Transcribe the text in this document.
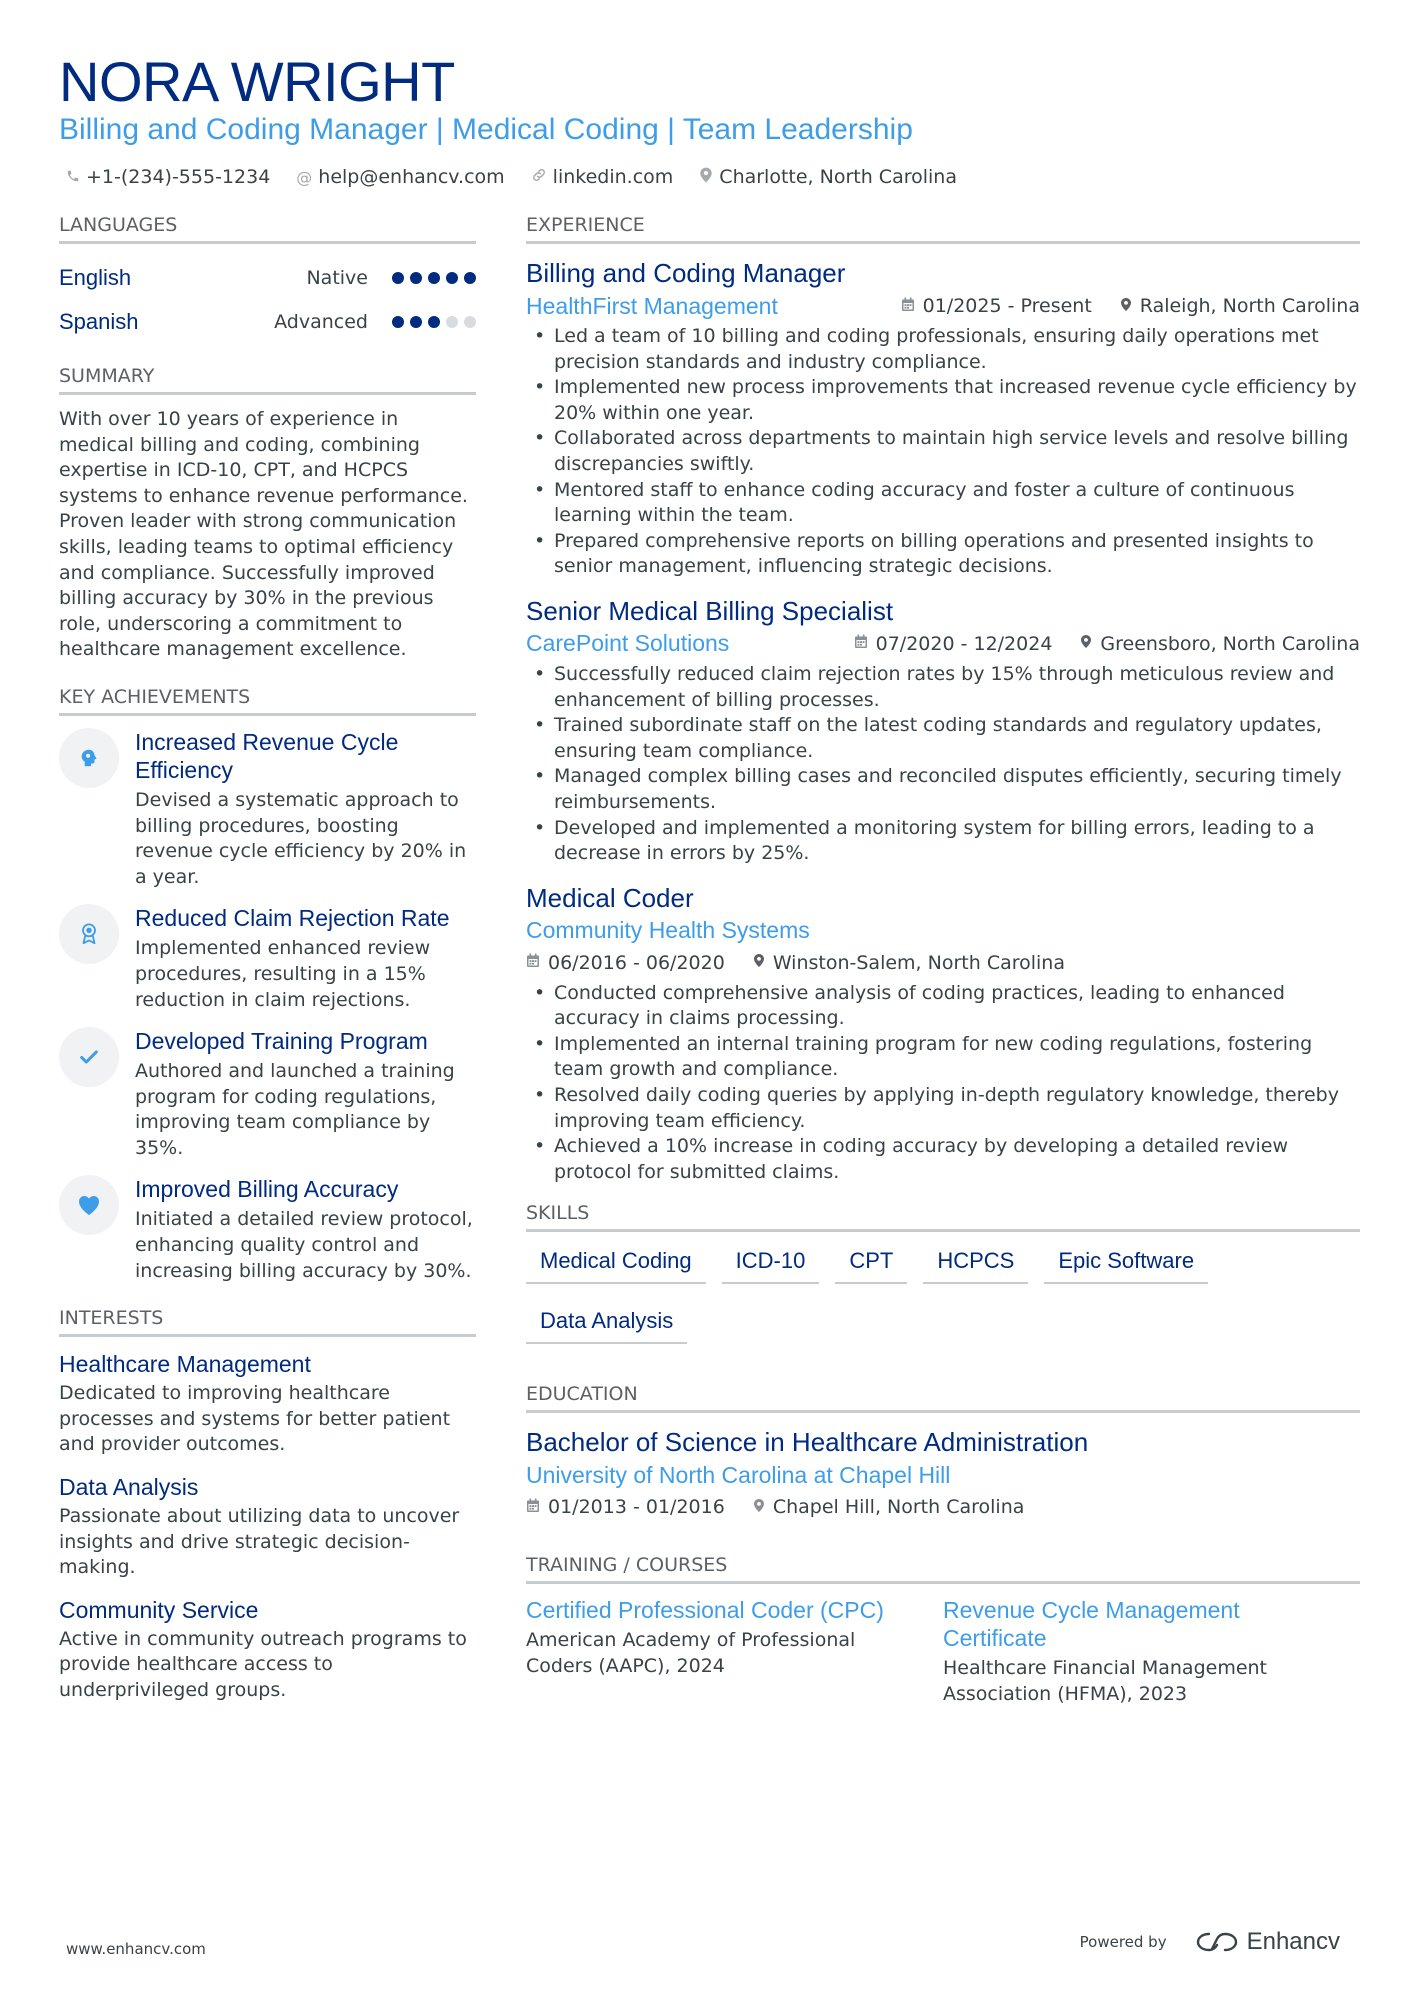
NORA WRIGHT
Billing and Coding Manager | Medical Coding | Team Leadership
+1-(234)-555-1234 @ help@enhancv.com	linkedin.com Charlotte, North Carolina
LANGUAGES
English	Native
Spanish	Advanced
SUMMARY
With over 10 years of experience in medical billing and coding, combining expertise in ICD-10, CPT, and HCPCS systems to enhance revenue performance. Proven leader with strong communication skills, leading teams to optimal efficiency and compliance. Successfully improved billing accuracy by 30% in the previous role, underscoring a commitment to healthcare management excellence.
KEY ACHIEVEMENTS
Increased Revenue Cycle Efficiency
Devised a systematic approach to billing procedures, boosting revenue cycle efficiency by 20% in a year.
Reduced Claim Rejection Rate
Implemented enhanced review procedures, resulting in a 15% reduction in claim rejections.
Developed Training Program
Authored and launched a training program for coding regulations, improving team compliance by 35%.
Improved Billing Accuracy
Initiated a detailed review protocol, enhancing quality control and increasing billing accuracy by 30%.
INTERESTS
Healthcare Management
Dedicated to improving healthcare processes and systems for better patient and provider outcomes.
Data Analysis
Passionate about utilizing data to uncover insights and drive strategic decision-making.
Community Service
Active in community outreach programs to provide healthcare access to underprivileged groups.
EXPERIENCE
Billing and Coding Manager
HealthFirst Management	01/2025 - Present	Raleigh, North Carolina
• Led a team of 10 billing and coding professionals, ensuring daily operations met precision standards and industry compliance.
• Implemented new process improvements that increased revenue cycle efficiency by 20% within one year.
• Collaborated across departments to maintain high service levels and resolve billing discrepancies swiftly.
• Mentored staff to enhance coding accuracy and foster a culture of continuous learning within the team.
• Prepared comprehensive reports on billing operations and presented insights to senior management, influencing strategic decisions.
Senior Medical Billing Specialist
CarePoint Solutions	07/2020 - 12/2024	Greensboro, North Carolina
• Successfully reduced claim rejection rates by 15% through meticulous review and enhancement of billing processes.
• Trained subordinate staff on the latest coding standards and regulatory updates, ensuring team compliance.
• Managed complex billing cases and reconciled disputes efficiently, securing timely reimbursements.
• Developed and implemented a monitoring system for billing errors, leading to a decrease in errors by 25%.
Medical Coder
Community Health Systems
06/2016 - 06/2020	Winston-Salem, North Carolina
• Conducted comprehensive analysis of coding practices, leading to enhanced accuracy in claims processing.
• Implemented an internal training program for new coding regulations, fostering team growth and compliance.
• Resolved daily coding queries by applying in-depth regulatory knowledge, thereby improving team efficiency.
• Achieved a 10% increase in coding accuracy by developing a detailed review protocol for submitted claims.
SKILLS
Medical Coding	ICD-10	CPT	HCPCS	Epic Software
Data Analysis
EDUCATION
Bachelor of Science in Healthcare Administration
University of North Carolina at Chapel Hill
01/2013 - 01/2016	Chapel Hill, North Carolina
TRAINING / COURSES
Certified Professional Coder (CPC)
American Academy of Professional Coders (AAPC), 2024
Revenue Cycle Management Certificate
Healthcare Financial Management Association (HFMA), 2023
www.enhancv.com	Powered by	Enhancv
